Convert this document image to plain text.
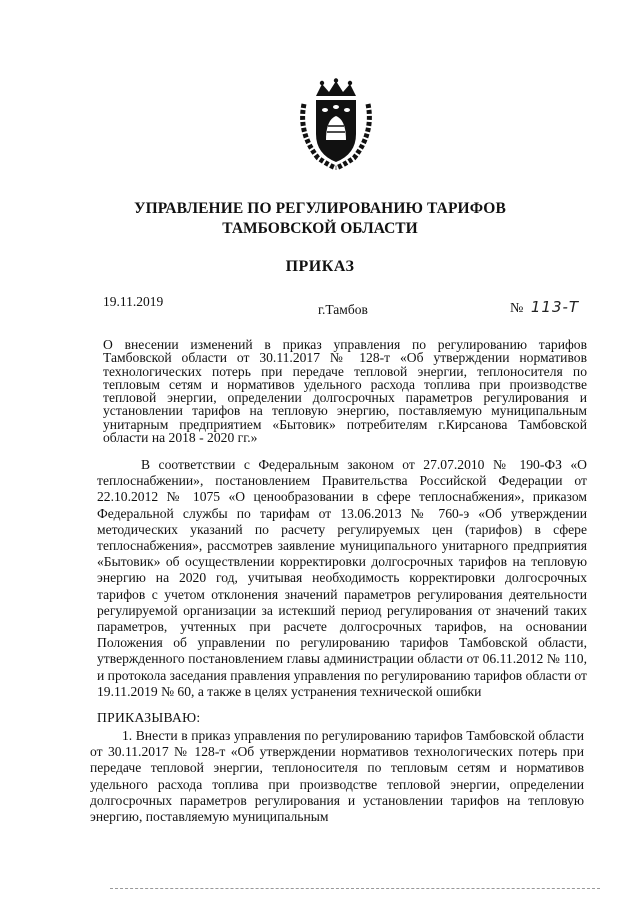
УПРАВЛЕНИЕ ПО РЕГУЛИРОВАНИЮ ТАРИФОВ
ТАМБОВСКОЙ ОБЛАСТИ
ПРИКАЗ
19.11.2019
г.Тамбов	№ 113-Т
О внесении изменений в приказ управления по регулированию тарифов Тамбовской области от 30.11.2017 № 128-т «Об утверждении нормативов технологических потерь при передаче тепловой энергии, теплоносителя по тепловым сетям и нормативов удельного расхода топлива при производстве тепловой энергии, определении долгосрочных параметров регулирования и установлении тарифов на тепловую энергию, поставляемую муниципальным унитарным предприятием «Бытовик» потребителям г.Кирсанова Тамбовской области на 2018 - 2020 гг.»
В соответствии с Федеральным законом от 27.07.2010 № 190-ФЗ «О теплоснабжении», постановлением Правительства Российской Федерации от 22.10.2012 № 1075 «О ценообразовании в сфере теплоснабжения», приказом Федеральной службы по тарифам от 13.06.2013 № 760-э «Об утверждении методических указаний по расчету регулируемых цен (тарифов) в сфере теплоснабжения», рассмотрев заявление муниципального унитарного предприятия «Бытовик» об осуществлении корректировки долгосрочных тарифов на тепловую энергию на 2020 год, учитывая необходимость корректировки долгосрочных тарифов с учетом отклонения значений параметров регулирования деятельности регулируемой организации за истекший период регулирования от значений таких параметров, учтенных при расчете долгосрочных тарифов, на основании Положения об управлении по регулированию тарифов Тамбовской области, утвержденного постановлением главы администрации области от 06.11.2012 № 110, и протокола заседания правления управления по регулированию тарифов области от 19.11.2019 № 60, а также в целях устранения технической ошибки
ПРИКАЗЫВАЮ:
1. Внести в приказ управления по регулированию тарифов Тамбовской области от 30.11.2017 № 128-т «Об утверждении нормативов технологических потерь при передаче тепловой энергии, теплоносителя по тепловым сетям и нормативов удельного расхода топлива при производстве тепловой энергии, определении долгосрочных параметров регулирования и установлении тарифов на тепловую энергию, поставляемую муниципальным
